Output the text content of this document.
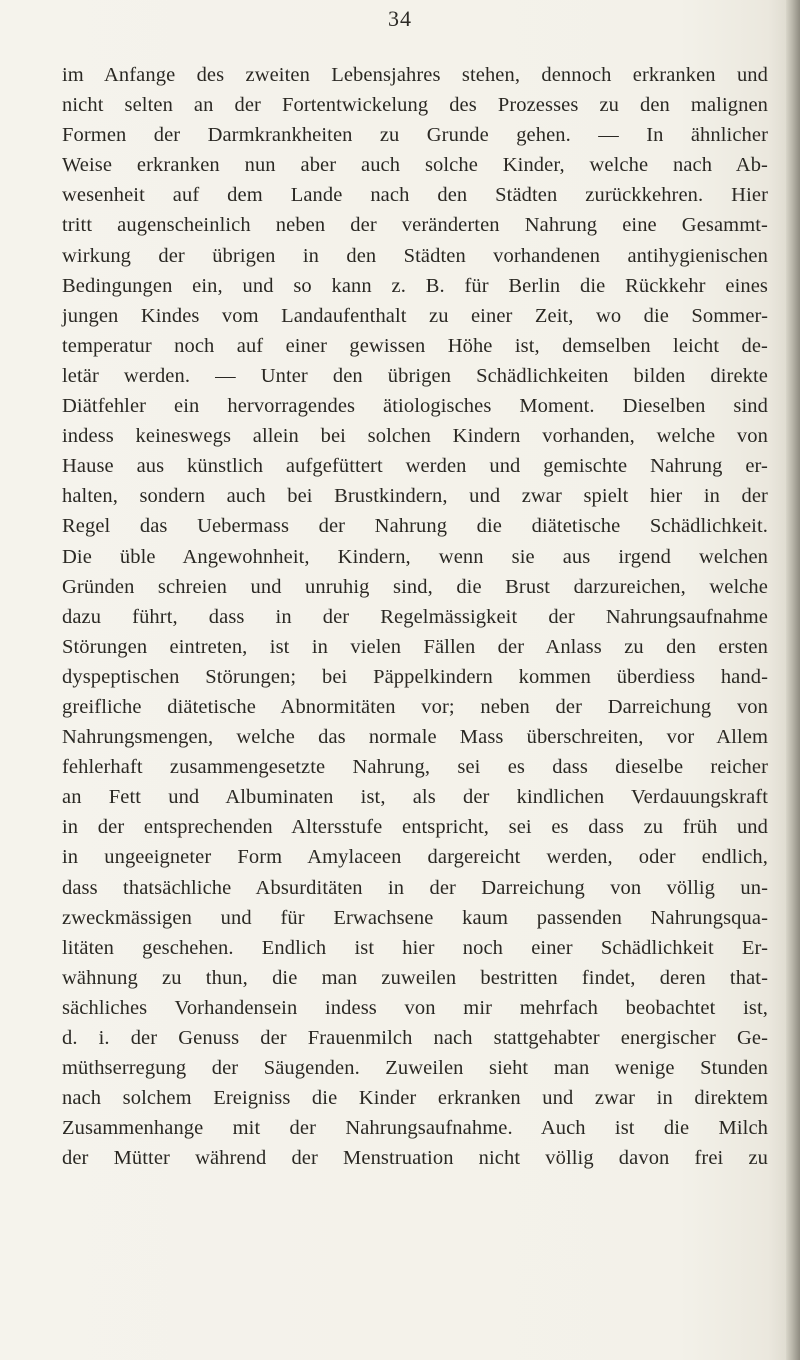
34
im Anfange des zweiten Lebensjahres stehen, dennoch erkranken und
nicht selten an der Fortentwickelung des Prozesses zu den malignen
Formen der Darmkrankheiten zu Grunde gehen. — In ähnlicher
Weise erkranken nun aber auch solche Kinder, welche nach Ab-
wesenheit auf dem Lande nach den Städten zurückkehren. Hier
tritt augenscheinlich neben der veränderten Nahrung eine Gesammt-
wirkung der übrigen in den Städten vorhandenen antihygienischen
Bedingungen ein, und so kann z. B. für Berlin die Rückkehr eines
jungen Kindes vom Landaufenthalt zu einer Zeit, wo die Sommer-
temperatur noch auf einer gewissen Höhe ist, demselben leicht de-
letär werden. — Unter den übrigen Schädlichkeiten bilden direkte
Diätfehler ein hervorragendes ätiologisches Moment. Dieselben sind
indess keineswegs allein bei solchen Kindern vorhanden, welche von
Hause aus künstlich aufgefüttert werden und gemischte Nahrung er-
halten, sondern auch bei Brustkindern, und zwar spielt hier in der
Regel das Uebermass der Nahrung die diätetische Schädlichkeit.
Die üble Angewohnheit, Kindern, wenn sie aus irgend welchen
Gründen schreien und unruhig sind, die Brust darzureichen, welche
dazu führt, dass in der Regelmässigkeit der Nahrungsaufnahme
Störungen eintreten, ist in vielen Fällen der Anlass zu den ersten
dyspeptischen Störungen; bei Päppelkindern kommen überdiess hand-
greifliche diätetische Abnormitäten vor; neben der Darreichung von
Nahrungsmengen, welche das normale Mass überschreiten, vor Allem
fehlerhaft zusammengesetzte Nahrung, sei es dass dieselbe reicher
an Fett und Albuminaten ist, als der kindlichen Verdauungskraft
in der entsprechenden Altersstufe entspricht, sei es dass zu früh und
in ungeeigneter Form Amylaceen dargereicht werden, oder endlich,
dass thatsächliche Absurditäten in der Darreichung von völlig un-
zweckmässigen und für Erwachsene kaum passenden Nahrungsqua-
litäten geschehen. Endlich ist hier noch einer Schädlichkeit Er-
wähnung zu thun, die man zuweilen bestritten findet, deren that-
sächliches Vorhandensein indess von mir mehrfach beobachtet ist,
d. i. der Genuss der Frauenmilch nach stattgehabter energischer Ge-
müthserregung der Säugenden. Zuweilen sieht man wenige Stunden
nach solchem Ereigniss die Kinder erkranken und zwar in direktem
Zusammenhange mit der Nahrungsaufnahme. Auch ist die Milch
der Mütter während der Menstruation nicht völlig davon frei zu
